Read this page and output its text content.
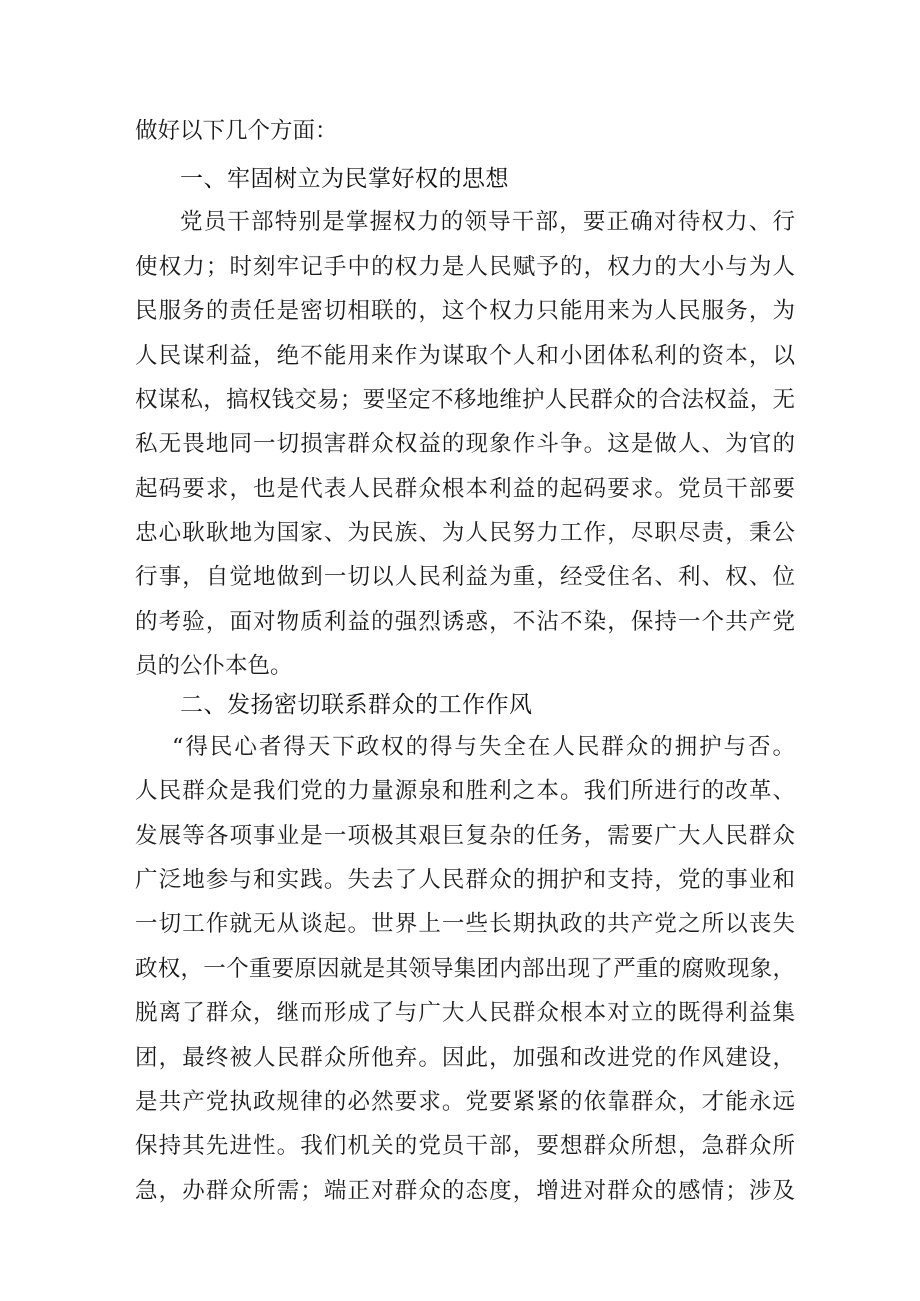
做好以下几个方面：
一、牢固树立为民掌好权的思想
党员干部特别是掌握权力的领导干部，要正确对待权力、行
使权力；时刻牢记手中的权力是人民赋予的，权力的大小与为人
民服务的责任是密切相联的，这个权力只能用来为人民服务，为
人民谋利益，绝不能用来作为谋取个人和小团体私利的资本，以
权谋私，搞权钱交易；要坚定不移地维护人民群众的合法权益，无
私无畏地同一切损害群众权益的现象作斗争。这是做人、为官的
起码要求，也是代表人民群众根本利益的起码要求。党员干部要
忠心耿耿地为国家、为民族、为人民努力工作，尽职尽责，秉公
行事，自觉地做到一切以人民利益为重，经受住名、利、权、位
的考验，面对物质利益的强烈诱惑，不沾不染，保持一个共产党
员的公仆本色。
二、发扬密切联系群众的工作作风
“得民心者得天下政权的得与失全在人民群众的拥护与否。
人民群众是我们党的力量源泉和胜利之本。我们所进行的改革、
发展等各项事业是一项极其艰巨复杂的任务，需要广大人民群众
广泛地参与和实践。失去了人民群众的拥护和支持，党的事业和
一切工作就无从谈起。世界上一些长期执政的共产党之所以丧失
政权，一个重要原因就是其领导集团内部出现了严重的腐败现象，
脱离了群众，继而形成了与广大人民群众根本对立的既得利益集
团，最终被人民群众所他弃。因此，加强和改进党的作风建设，
是共产党执政规律的必然要求。党要紧紧的依靠群众，才能永远
保持其先进性。我们机关的党员干部，要想群众所想，急群众所
急，办群众所需；端正对群众的态度，增进对群众的感情；涉及
